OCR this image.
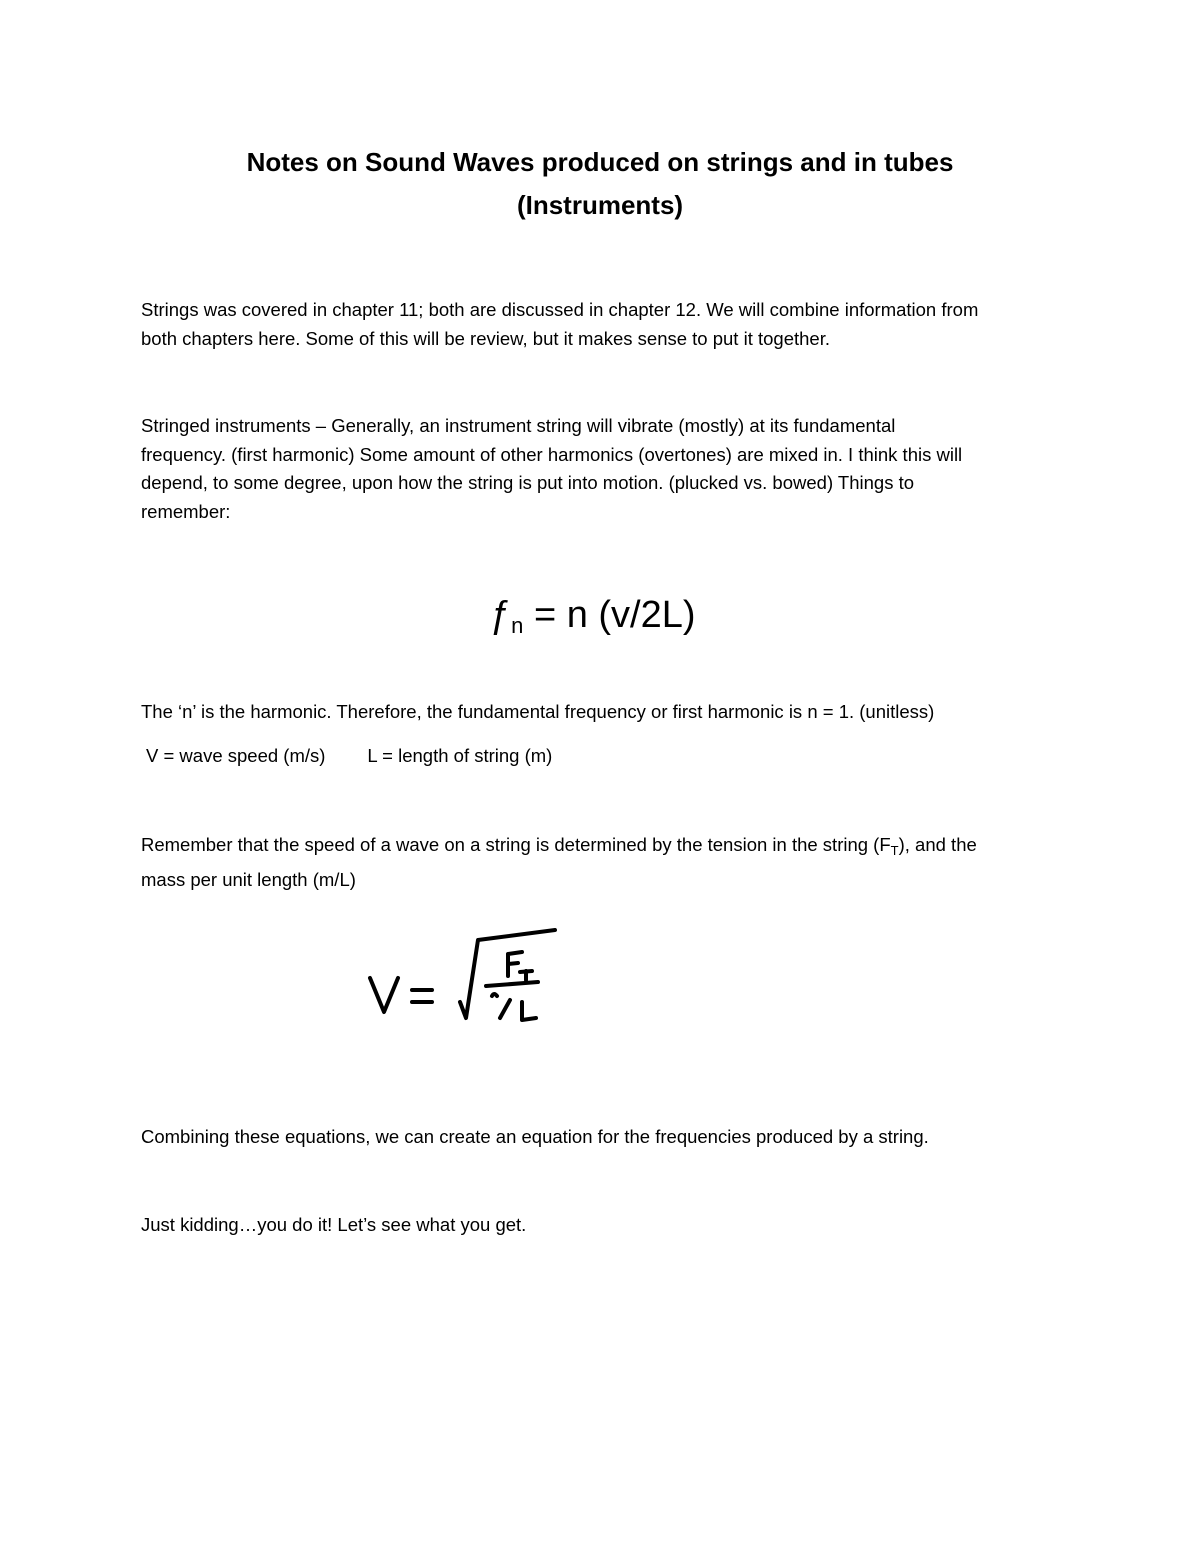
Notes on Sound Waves produced on strings and in tubes
(Instruments)
Strings was covered in chapter 11; both are discussed in chapter 12. We will combine information from
both chapters here. Some of this will be review, but it makes sense to put it together.
Stringed instruments – Generally, an instrument string will vibrate (mostly) at its fundamental
frequency. (first harmonic) Some amount of other harmonics (overtones) are mixed in. I think this will
depend, to some degree, upon how the string is put into motion. (plucked vs. bowed) Things to
remember:
$ƒ_n = n$ (v/2L)
The ‘n’ is the harmonic. Therefore, the fundamental frequency or first harmonic is n = 1. (unitless)
V = wave speed (m/s) L = length of string (m)
Remember that the speed of a wave on a string is determined by the tension in the string $(F_T)$, and the
mass per unit length (m/L)
Combining these equations, we can create an equation for the frequencies produced by a string.
Just kidding…you do it! Let’s see what you get.
